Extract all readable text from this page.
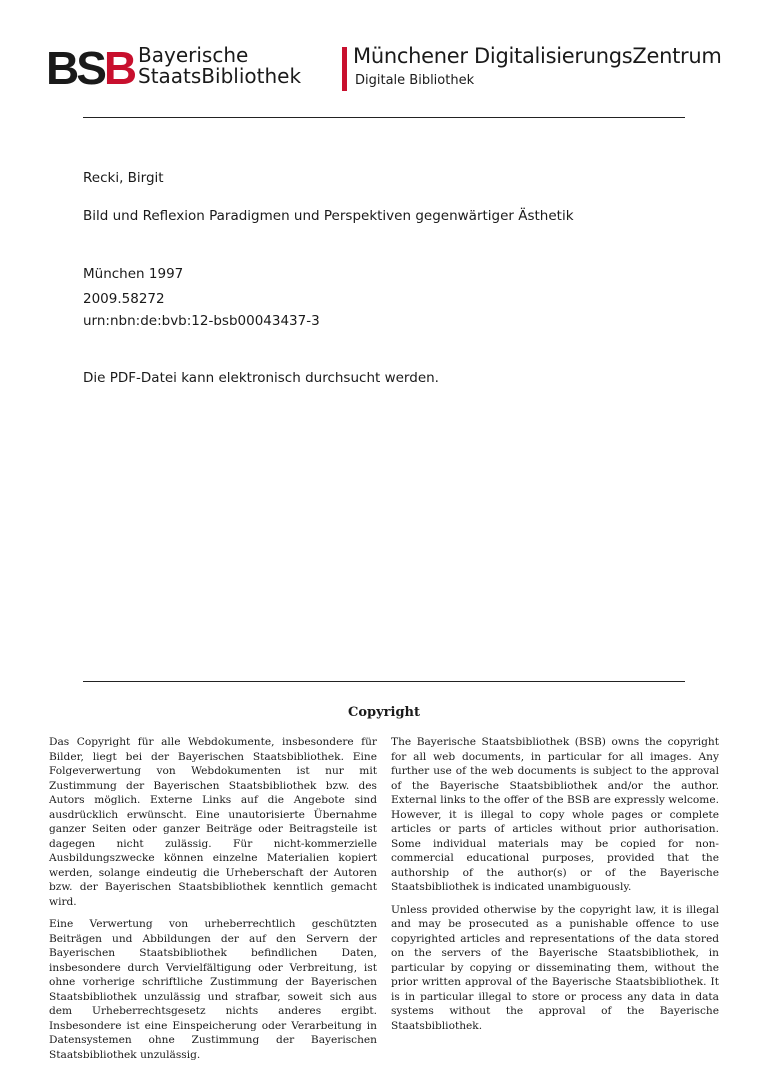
BSB Bayerische
StaatsBibliothek
Münchener DigitalisierungsZentrum
Digitale Bibliothek
Recki, Birgit
Bild und Reflexion Paradigmen und Perspektiven gegenwärtiger Ästhetik
München 1997
2009.58272
urn:nbn:de:bvb:12-bsb00043437-3
Die PDF-Datei kann elektronisch durchsucht werden.
Copyright

Das Copyright für alle Webdokumente, insbesondere für Bilder, liegt bei der Bayerischen Staatsbibliothek. Eine Folgeverwertung von Webdokumenten ist nur mit Zustimmung der Bayerischen Staatsbibliothek bzw. des Autors möglich. Externe Links auf die Angebote sind ausdrücklich erwünscht. Eine unautorisierte Übernahme ganzer Seiten oder ganzer Beiträge oder Beitragsteile ist dagegen nicht zulässig. Für nicht-kommerzielle Ausbildungszwecke können einzelne Materialien kopiert werden, solange eindeutig die Urheberschaft der Autoren bzw. der Bayerischen Staatsbibliothek kenntlich gemacht wird.

Eine Verwertung von urheberrechtlich geschützten Beiträgen und Abbildungen der auf den Servern der Bayerischen Staatsbibliothek befindlichen Daten, insbesondere durch Vervielfältigung oder Verbreitung, ist ohne vorherige schriftliche Zustimmung der Bayerischen Staatsbibliothek unzulässig und strafbar, soweit sich aus dem Urheberrechtsgesetz nichts anderes ergibt. Insbesondere ist eine Einspeicherung oder Verarbeitung in Datensystemen ohne Zustimmung der Bayerischen Staatsbibliothek unzulässig.

The Bayerische Staatsbibliothek (BSB) owns the copyright for all web documents, in particular for all images. Any further use of the web documents is subject to the approval of the Bayerische Staatsbibliothek and/or the author. External links to the offer of the BSB are expressly welcome. However, it is illegal to copy whole pages or complete articles or parts of articles without prior authorisation. Some individual materials may be copied for non-commercial educational purposes, provided that the authorship of the author(s) or of the Bayerische Staatsbibliothek is indicated unambiguously.

Unless provided otherwise by the copyright law, it is illegal and may be prosecuted as a punishable offence to use copyrighted articles and representations of the data stored on the servers of the Bayerische Staatsbibliothek, in particular by copying or disseminating them, without the prior written approval of the Bayerische Staatsbibliothek. It is in particular illegal to store or process any data in data systems without the approval of the Bayerische Staatsbibliothek.
